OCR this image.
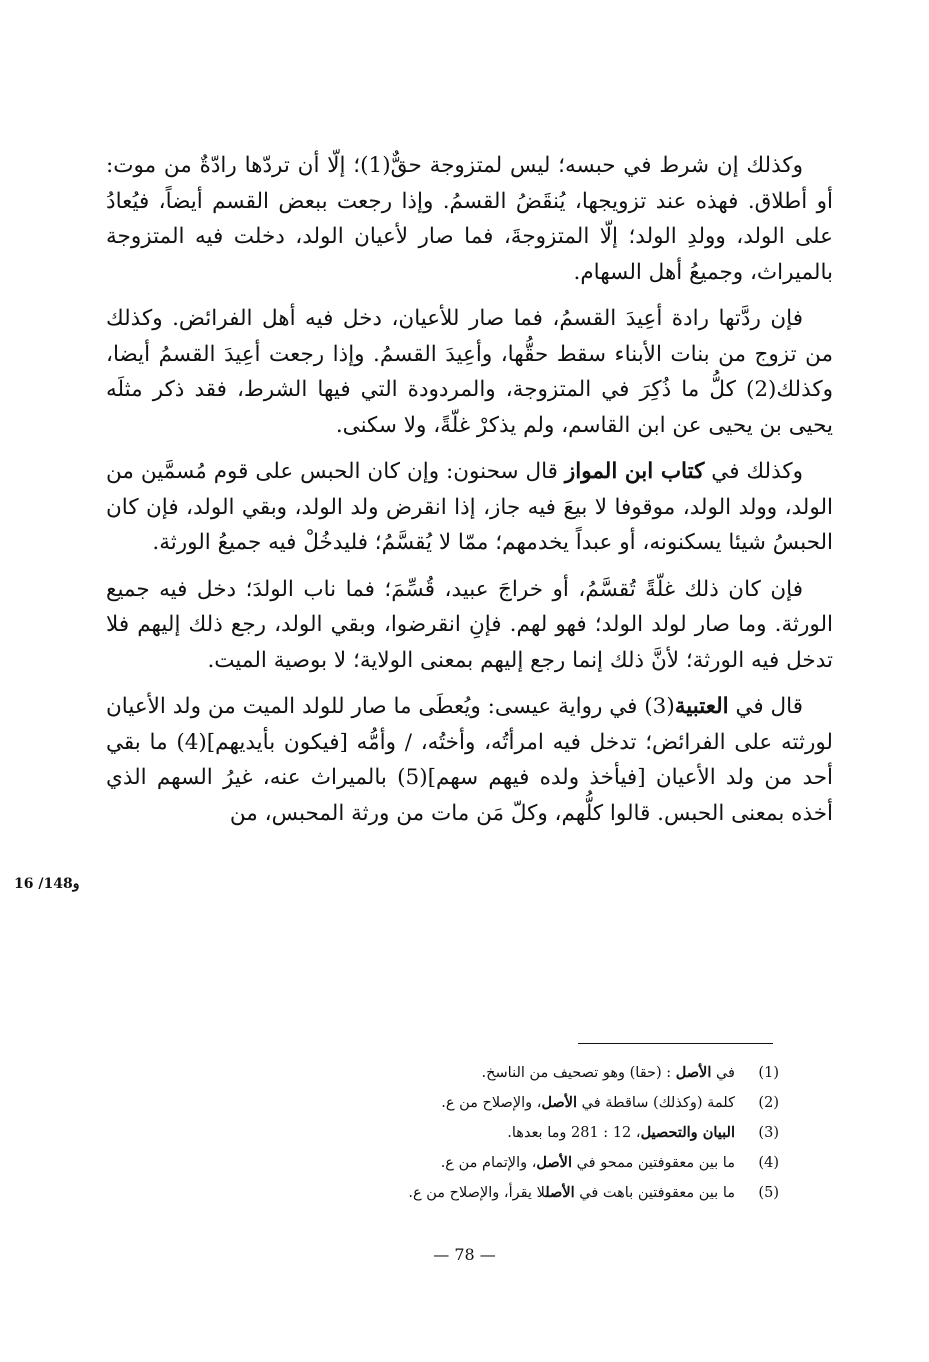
وكذلك إن شرط في حبسه؛ ليس لمتزوجة حقٌّ(1)؛ إلّا أن تردّها رادّةٌ من موت: أو أطلاق. فهذه عند تزويجها، يُنقَضُ القسمُ. وإذا رجعت ببعض القسم أيضاً، فيُعادُ على الولد، وولدِ الولد؛ إلّا المتزوجةَ، فما صار لأعيان الولد، دخلت فيه المتزوجة بالميراث، وجميعُ أهل السهام.

فإن ردَّتها رادة أعِيدَ القسمُ، فما صار للأعيان، دخل فيه أهل الفرائض. وكذلك من تزوج من بنات الأبناء سقط حقُّها، وأعِيدَ القسمُ. وإذا رجعت أعِيدَ القسمُ أيضا، وكذلك(2) كلُّ ما ذُكِرَ في المتزوجة، والمردودة التي فيها الشرط، فقد ذكر مثلَه يحيى بن يحيى عن ابن القاسم، ولم يذكرْ غلّةً، ولا سكنى.

وكذلك في كتاب ابن المواز قال سحنون: وإن كان الحبس على قوم مُسمَّين من الولد، وولد الولد، موقوفا لا بيعَ فيه جاز، إذا انقرض ولد الولد، وبقي الولد، فإن كان الحبسُ شيئا يسكنونه، أو عبداً يخدمهم؛ ممّا لا يُقسَّمُ؛ فليدخُلْ فيه جميعُ الورثة.

فإن كان ذلك غلّةً تُقسَّمُ، أو خراجَ عبيد، قُسِّمَ؛ فما ناب الولدَ؛ دخل فيه جميع الورثة. وما صار لولد الولد؛ فهو لهم. فإنِ انقرضوا، وبقي الولد، رجع ذلك إليهم فلا تدخل فيه الورثة؛ لأنَّ ذلك إنما رجع إليهم بمعنى الولاية؛ لا بوصية الميت.

قال في العتبية(3) في رواية عيسى: ويُعطَى ما صار للولد الميت من ولد الأعيان لورثته على الفرائض؛ تدخل فيه امرأتُه، وأختُه، / وأمُّه [فيكون بأيديهم](4) ما بقي أحد من ولد الأعيان [فيأخذ ولده فيهم سهم](5) بالميراث عنه، غيرُ السهم الذي أخذه بمعنى الحبس. قالوا كلُّهم، وكلّ مَن مات من ورثة المحبس، من

16 /148و
(1)
في الأصل : (حقا) وهو تصحيف من الناسخ.
(2)
كلمة (وكذلك) ساقطة في الأصل، والإصلاح من ع.
(3)
البيان والتحصيل، 12 : 281 وما بعدها.
(4)
ما بين معقوفتين ممحو في الأصل، والإتمام من ع.
(5)
ما بين معقوفتين باهت في الأصللا يقرأ، والإصلاح من ع.
— 78 —
